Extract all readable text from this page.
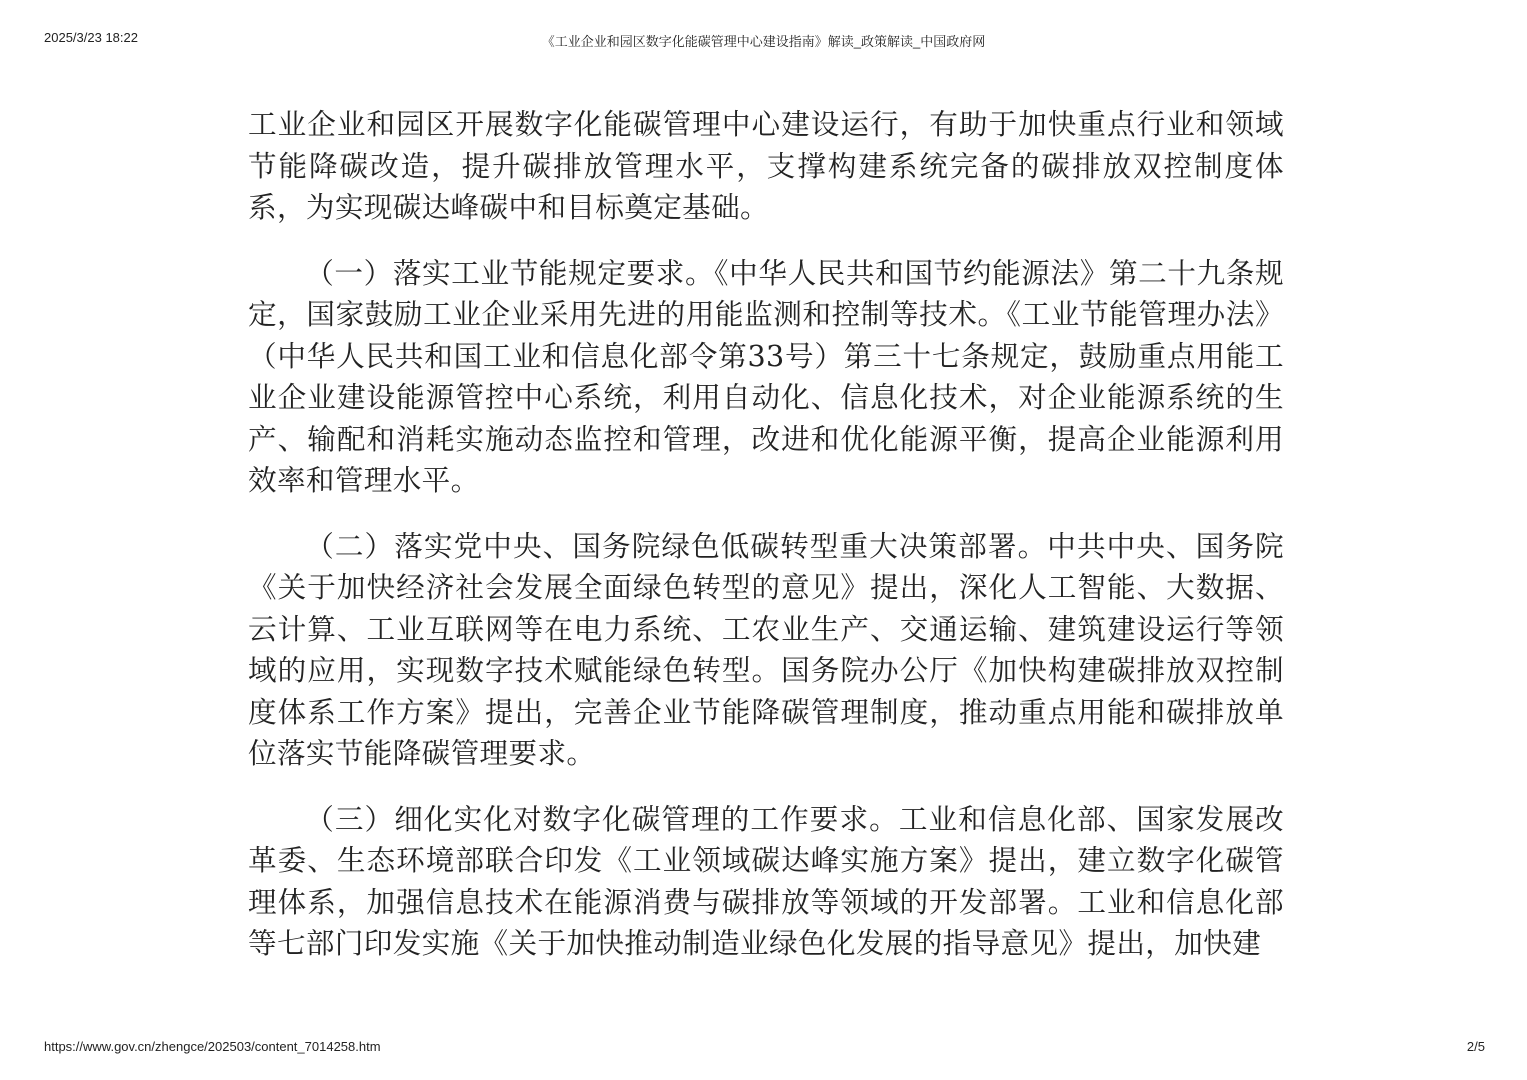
2025/3/23 18:22	《工业企业和园区数字化能碳管理中心建设指南》解读_政策解读_中国政府网

工业企业和园区开展数字化能碳管理中心建设运行，有助于加快重点行业和领域节能降碳改造，提升碳排放管理水平，支撑构建系统完备的碳排放双控制度体系，为实现碳达峰碳中和目标奠定基础。

（一）落实工业节能规定要求。《中华人民共和国节约能源法》第二十九条规定，国家鼓励工业企业采用先进的用能监测和控制等技术。《工业节能管理办法》（中华人民共和国工业和信息化部令第33号）第三十七条规定，鼓励重点用能工业企业建设能源管控中心系统，利用自动化、信息化技术，对企业能源系统的生产、输配和消耗实施动态监控和管理，改进和优化能源平衡，提高企业能源利用效率和管理水平。

（二）落实党中央、国务院绿色低碳转型重大决策部署。中共中央、国务院《关于加快经济社会发展全面绿色转型的意见》提出，深化人工智能、大数据、云计算、工业互联网等在电力系统、工农业生产、交通运输、建筑建设运行等领域的应用，实现数字技术赋能绿色转型。国务院办公厅《加快构建碳排放双控制度体系工作方案》提出，完善企业节能降碳管理制度，推动重点用能和碳排放单位落实节能降碳管理要求。

（三）细化实化对数字化碳管理的工作要求。工业和信息化部、国家发展改革委、生态环境部联合印发《工业领域碳达峰实施方案》提出，建立数字化碳管理体系，加强信息技术在能源消费与碳排放等领域的开发部署。工业和信息化部等七部门印发实施《关于加快推动制造业绿色化发展的指导意见》提出，加快建

https://www.gov.cn/zhengce/202503/content_7014258.htm	2/5
